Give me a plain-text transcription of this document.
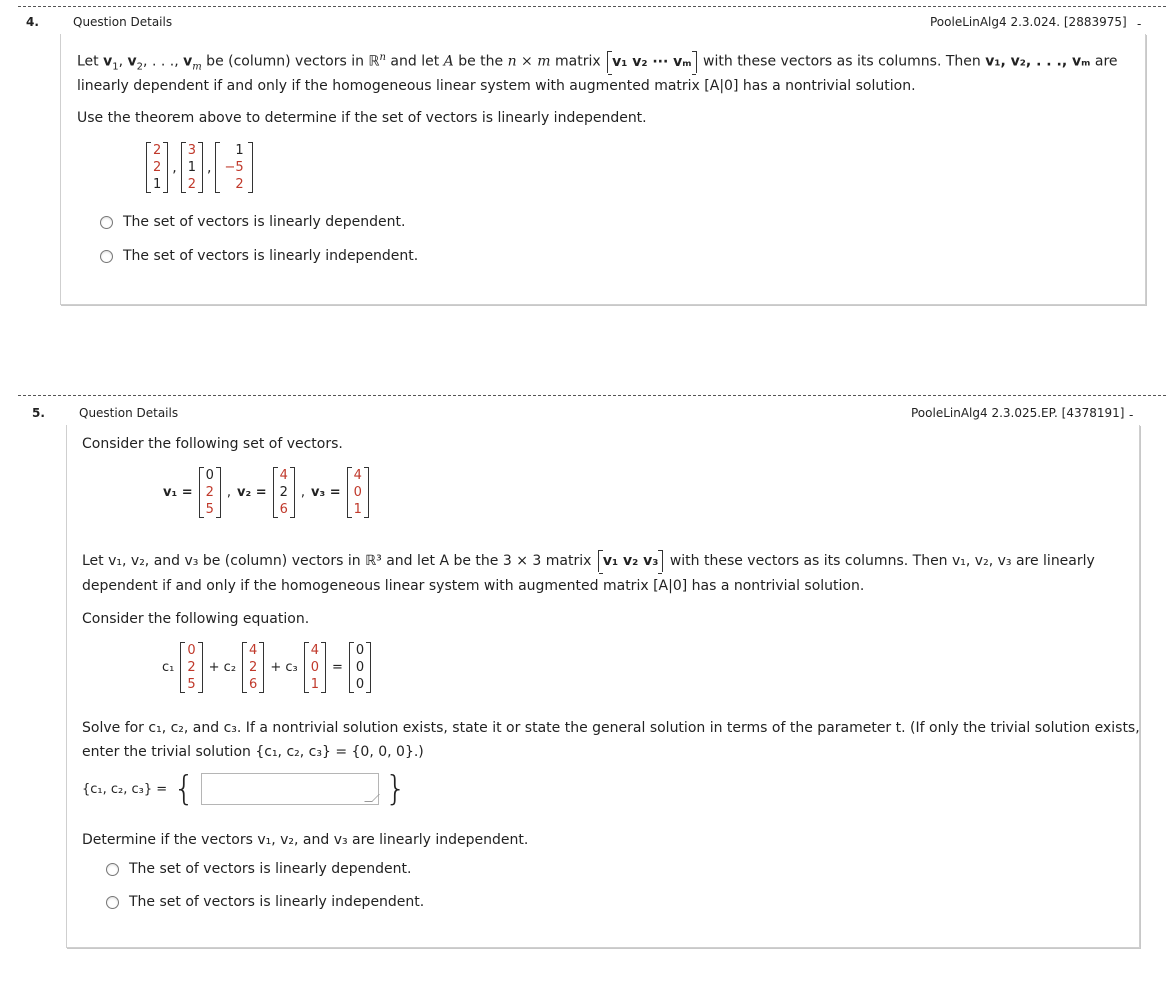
4.	Question Details	PooleLinAlg4 2.3.024. [2883975] -
Let $v_1$, $v_2$, . . ., $v_m$ be (column) vectors in ℝ$^n$ and let A be the n × m matrix v₁ v₂ ··· vₘ with these vectors as its columns. Then v₁, v₂, . . ., vₘ are
linearly dependent if and only if the homogeneous linear system with augmented matrix [A|0] has a nontrivial solution.
Use the theorem above to determine if the set of vectors is linearly independent.
2
2
1
,
3
1
2
,
1
−5
2
The set of vectors is linearly dependent.
The set of vectors is linearly independent.
5.	Question Details	PooleLinAlg4 2.3.025.EP. [4378191] -
Consider the following set of vectors.
v₁ =
0
2
5
, v₂ =
4
2
6
, v₃ =
4
0
1
Let v₁, v₂, and v₃ be (column) vectors in ℝ³ and let A be the 3 × 3 matrix v₁ v₂ v₃ with these vectors as its columns. Then v₁, v₂, v₃ are linearly
dependent if and only if the homogeneous linear system with augmented matrix [A|0] has a nontrivial solution.
Consider the following equation.
c₁
0
2
5
+ c₂
4
2
6
+ c₃
4
0
1
=
0
0
0
Solve for c₁, c₂, and c₃. If a nontrivial solution exists, state it or state the general solution in terms of the parameter t. (If only the trivial solution exists,
enter the trivial solution {c₁, c₂, c₃} = {0, 0, 0}.)
{c₁, c₂, c₃} = {	}
Determine if the vectors v₁, v₂, and v₃ are linearly independent.
The set of vectors is linearly dependent.
The set of vectors is linearly independent.
